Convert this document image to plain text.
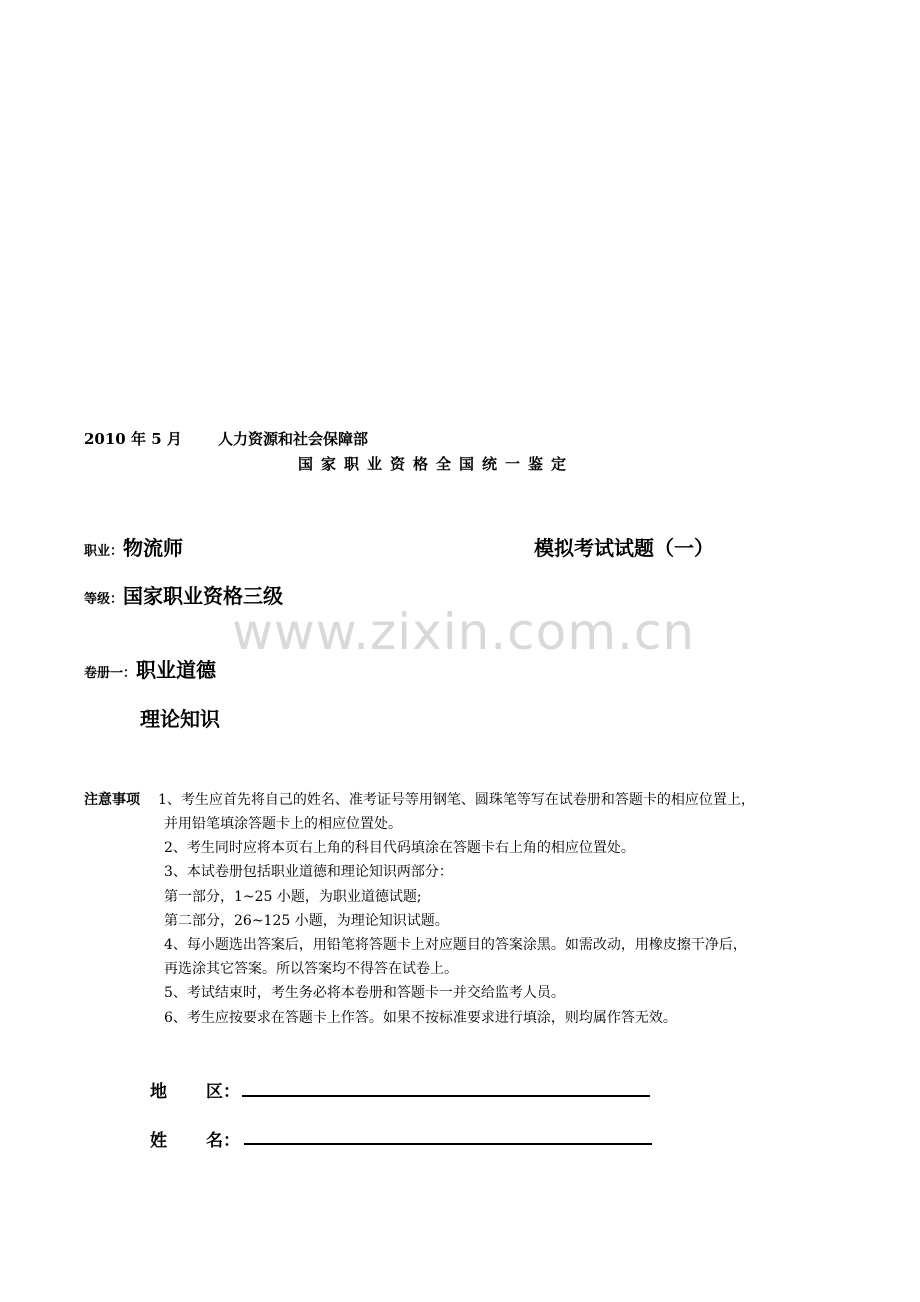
2010 年 5 月 人力资源和社会保障部
国家职业资格全国统一鉴定
职业：物流师	模拟考试试题（一）
等级：国家职业资格三级
www.zixin.com.cn
卷册一：职业道德
理论知识
注意事项 1、考生应首先将自己的姓名、准考证号等用钢笔、圆珠笔等写在试卷册和答题卡的相应位置上，
并用铅笔填涂答题卡上的相应位置处。
2、考生同时应将本页右上角的科目代码填涂在答题卡右上角的相应位置处。
3、本试卷册包括职业道德和理论知识两部分：
第一部分，1~25 小题，为职业道德试题;
第二部分，26~125 小题，为理论知识试题。
4、每小题选出答案后，用铅笔将答题卡上对应题目的答案涂黑。如需改动，用橡皮擦干净后，
再选涂其它答案。所以答案均不得答在试卷上。
5、考试结束时，考生务必将本卷册和答题卡一并交给监考人员。
6、考生应按要求在答题卡上作答。如果不按标准要求进行填涂，则均属作答无效。
地 区：
姓 名：
